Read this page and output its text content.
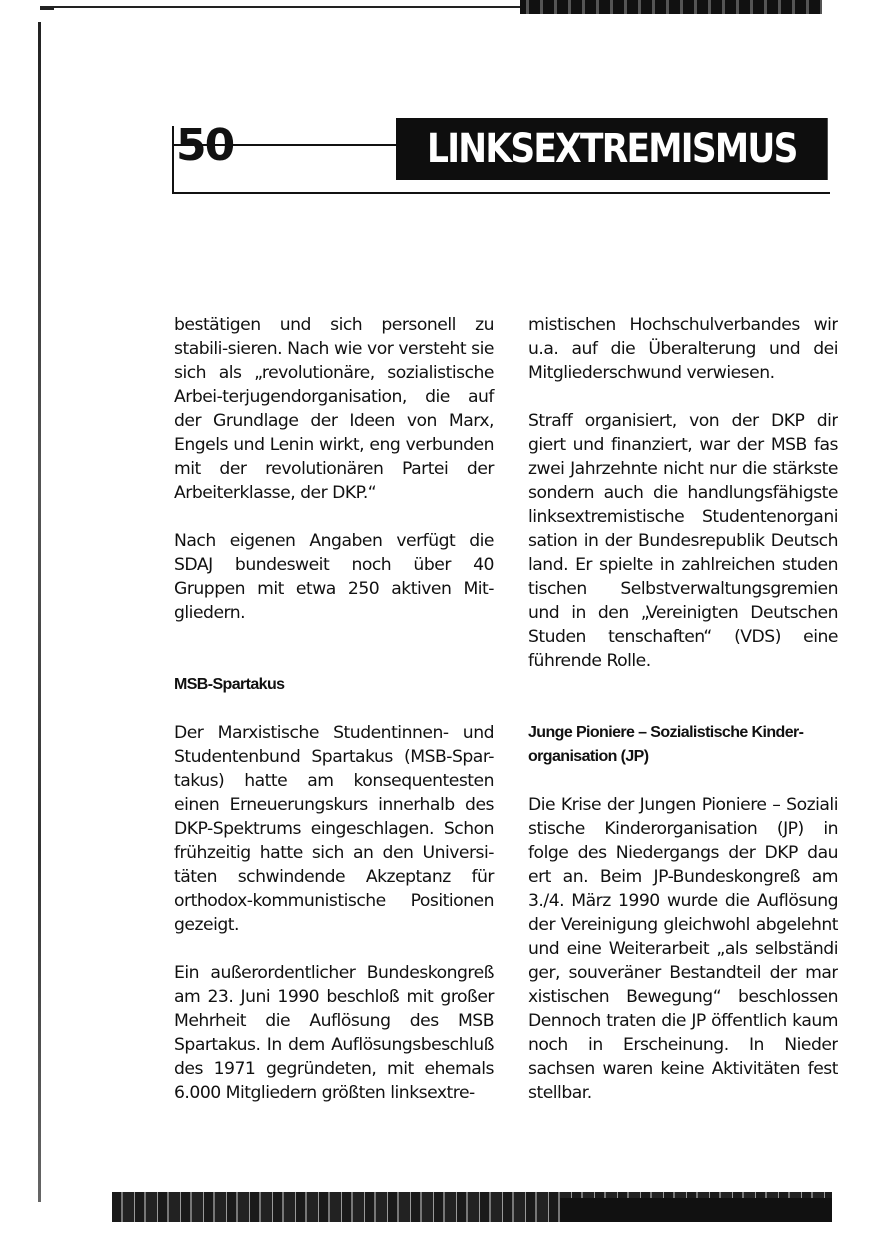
50	LINKSEXTREMISMUS

bestätigen und sich personell zu stabili-sieren. Nach wie vor versteht sie sich als „revolutionäre, sozialistische Arbei-terjugendorganisation, die auf der Grundlage der Ideen von Marx, Engels und Lenin wirkt, eng verbunden mit der revolutionären Partei der Arbeiterklasse, der DKP.“

Nach eigenen Angaben verfügt die SDAJ bundesweit noch über 40 Gruppen mit etwa 250 aktiven Mit-gliedern.

MSB-Spartakus

Der Marxistische Studentinnen- und Studentenbund Spartakus (MSB-Spar-takus) hatte am konsequentesten einen Erneuerungskurs innerhalb des DKP-Spektrums eingeschlagen. Schon frühzeitig hatte sich an den Universi-täten schwindende Akzeptanz für orthodox-kommunistische Positionen gezeigt.

Ein außerordentlicher Bundeskongreß am 23. Juni 1990 beschloß mit großer Mehrheit die Auflösung des MSB Spartakus. In dem Auflösungsbeschluß des 1971 gegründeten, mit ehemals 6.000 Mitgliedern größten linksextre-

mistischen Hochschulverbandes wir u.a. auf die Überalterung und dei Mitgliederschwund verwiesen.

Straff organisiert, von der DKP dir giert und finanziert, war der MSB fas zwei Jahrzehnte nicht nur die stärkste sondern auch die handlungsfähigste linksextremistische Studentenorgani sation in der Bundesrepublik Deutsch land. Er spielte in zahlreichen studen tischen Selbstverwaltungsgremien und in den „Vereinigten Deutschen Studen tenschaften“ (VDS) eine führende Rolle.

Junge Pioniere – Sozialistische Kinder-organisation (JP)

Die Krise der Jungen Pioniere – Soziali stische Kinderorganisation (JP) in folge des Niedergangs der DKP dau ert an. Beim JP-Bundeskongreß am 3./4. März 1990 wurde die Auflösung der Vereinigung gleichwohl abgelehnt und eine Weiterarbeit „als selbständi ger, souveräner Bestandteil der mar xistischen Bewegung“ beschlossen Dennoch traten die JP öffentlich kaum noch in Erscheinung. In Nieder sachsen waren keine Aktivitäten fest stellbar.
